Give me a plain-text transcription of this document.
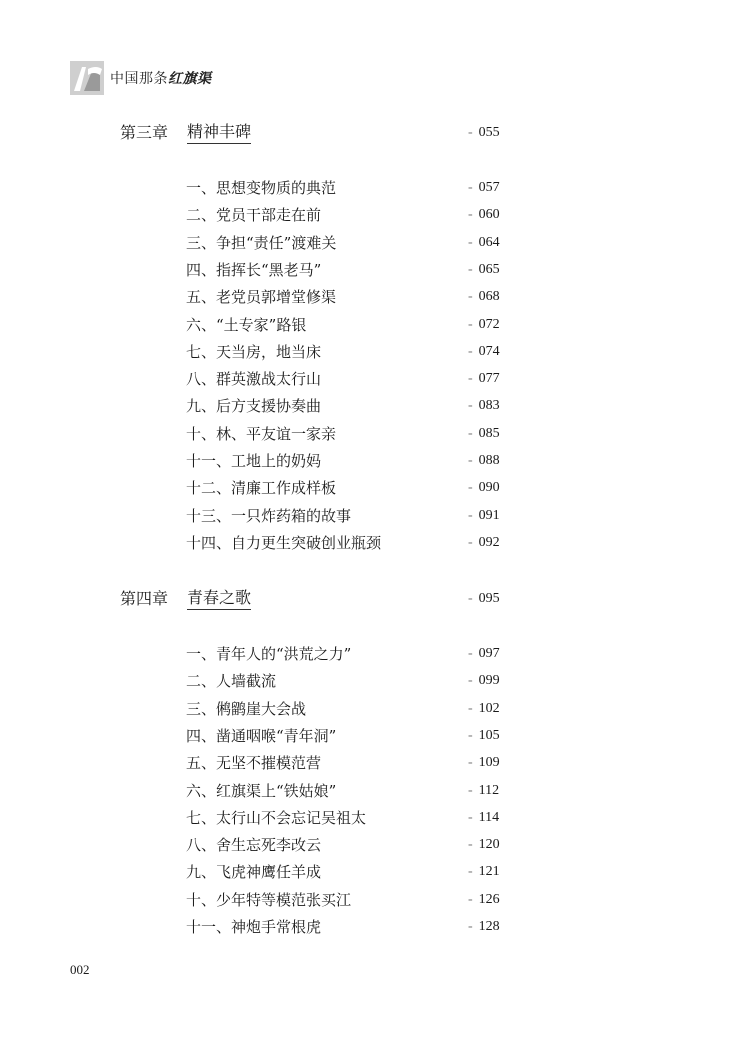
中国那条红旗渠
第三章 精神丰碑	- 055
一、思想变物质的典范	- 057
二、党员干部走在前	- 060
三、争担“责任”渡难关	- 064
四、指挥长“黑老马”	- 065
五、老党员郭增堂修渠	- 068
六、“土专家”路银	- 072
七、天当房，地当床	- 074
八、群英激战太行山	- 077
九、后方支援协奏曲	- 083
十、林、平友谊一家亲	- 085
十一、工地上的奶妈	- 088
十二、清廉工作成样板	- 090
十三、一只炸药箱的故事	- 091
十四、自力更生突破创业瓶颈	- 092
第四章 青春之歌	- 095
一、青年人的“洪荒之力”	- 097
二、人墙截流	- 099
三、鸺鹠崖大会战	- 102
四、凿通咽喉“青年洞”	- 105
五、无坚不摧模范营	- 109
六、红旗渠上“铁姑娘”	- 112
七、太行山不会忘记吴祖太	- 114
八、舍生忘死李改云	- 120
九、飞虎神鹰任羊成	- 121
十、少年特等模范张买江	- 126
十一、神炮手常根虎	- 128
002
